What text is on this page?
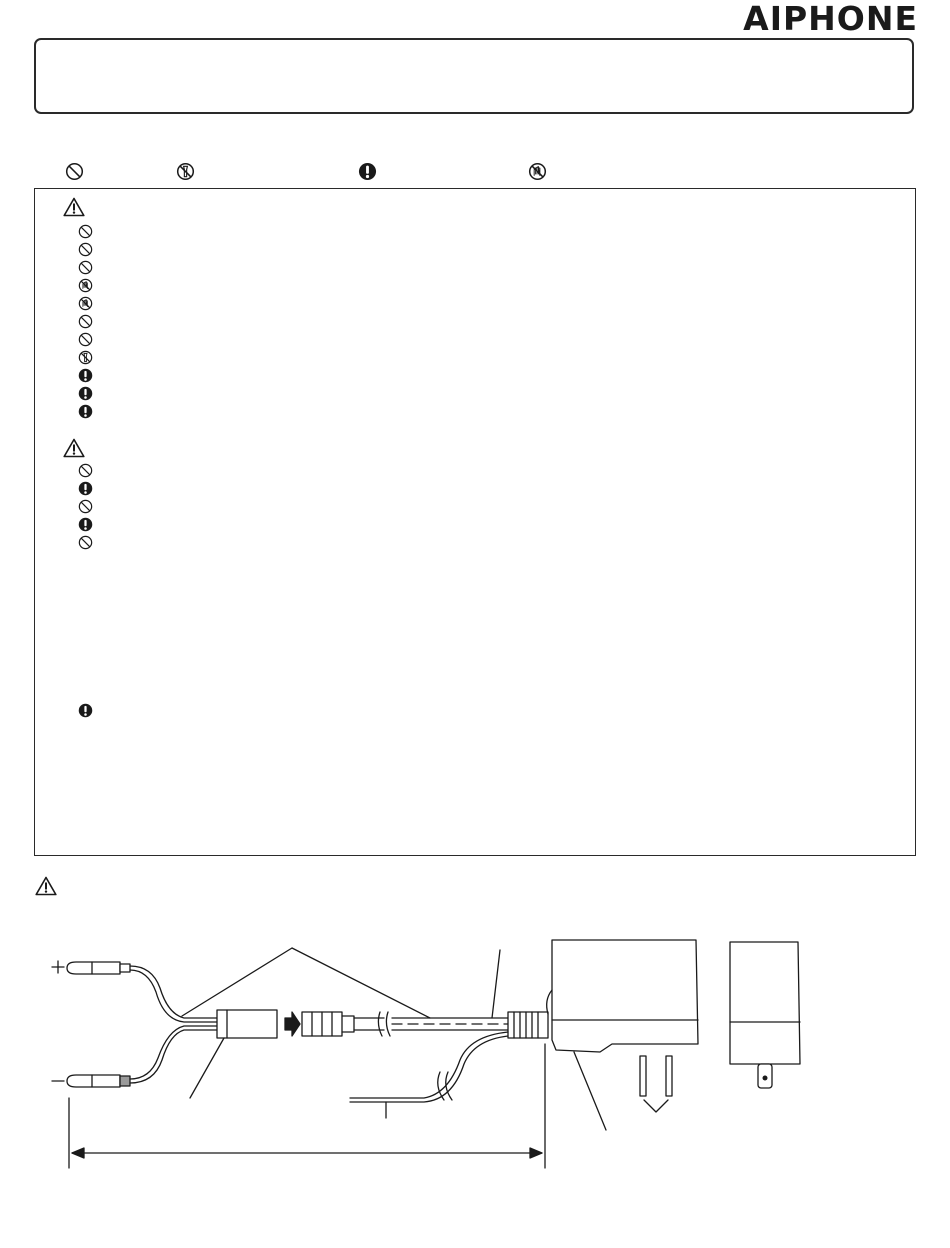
AIPHONE
